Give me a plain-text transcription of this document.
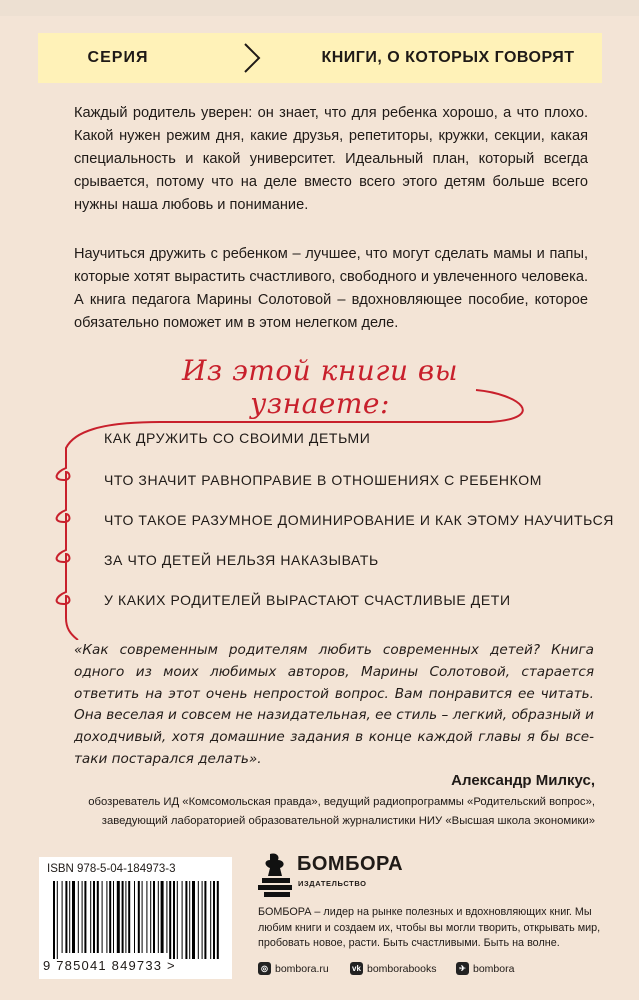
СЕРИЯ	КНИГИ, О КОТОРЫХ ГОВОРЯТ

Каждый родитель уверен: он знает, что для ребенка хорошо, а что плохо. Какой нужен режим дня, какие друзья, репетиторы, кружки, секции, какая специальность и какой университет. Идеальный план, который всегда срывается, потому что на деле вместо всего этого детям больше всего нужны наша любовь и понимание.

Научиться дружить с ребенком – лучшее, что могут сделать мамы и папы, которые хотят вырастить счастливого, свободного и увлеченного человека. А книга педагога Марины Солотовой – вдохновляющее пособие, которое обязательно поможет им в этом нелегком деле.

Из этой книги вы узнаете:
КАК ДРУЖИТЬ СО СВОИМИ ДЕТЬМИ
ЧТО ЗНАЧИТ РАВНОПРАВИЕ В ОТНОШЕНИЯХ С РЕБЕНКОМ
ЧТО ТАКОЕ РАЗУМНОЕ ДОМИНИРОВАНИЕ И КАК ЭТОМУ НАУЧИТЬСЯ
ЗА ЧТО ДЕТЕЙ НЕЛЬЗЯ НАКАЗЫВАТЬ
У КАКИХ РОДИТЕЛЕЙ ВЫРАСТАЮТ СЧАСТЛИВЫЕ ДЕТИ

«Как современным родителям любить современных детей? Книга одного из моих любимых авторов, Марины Солотовой, старается ответить на этот очень непростой вопрос. Вам понравится ее читать. Она веселая и совсем не назидательная, ее стиль – легкий, образный и доходчивый, хотя домашние задания в конце каждой главы я бы все-таки постарался делать».

Александр Милкус,
обозреватель ИД «Комсомольская правда», ведущий радиопрограммы «Родительский вопрос»,
заведующий лабораторией образовательной журналистики НИУ «Высшая школа экономики»
ISBN 978-5-04-184973-3
9 785041 849733 >
БОМБОРА
ИЗДАТЕЛЬСТВО

БОМБОРА – лидер на рынке полезных и вдохновляющих книг. Мы любим книги и создаем их, чтобы вы могли творить, открывать мир, пробовать новое, расти. Быть счастливыми. Быть на волне.

◎ bombora.ru	vk bomborabooks	✈ bombora
